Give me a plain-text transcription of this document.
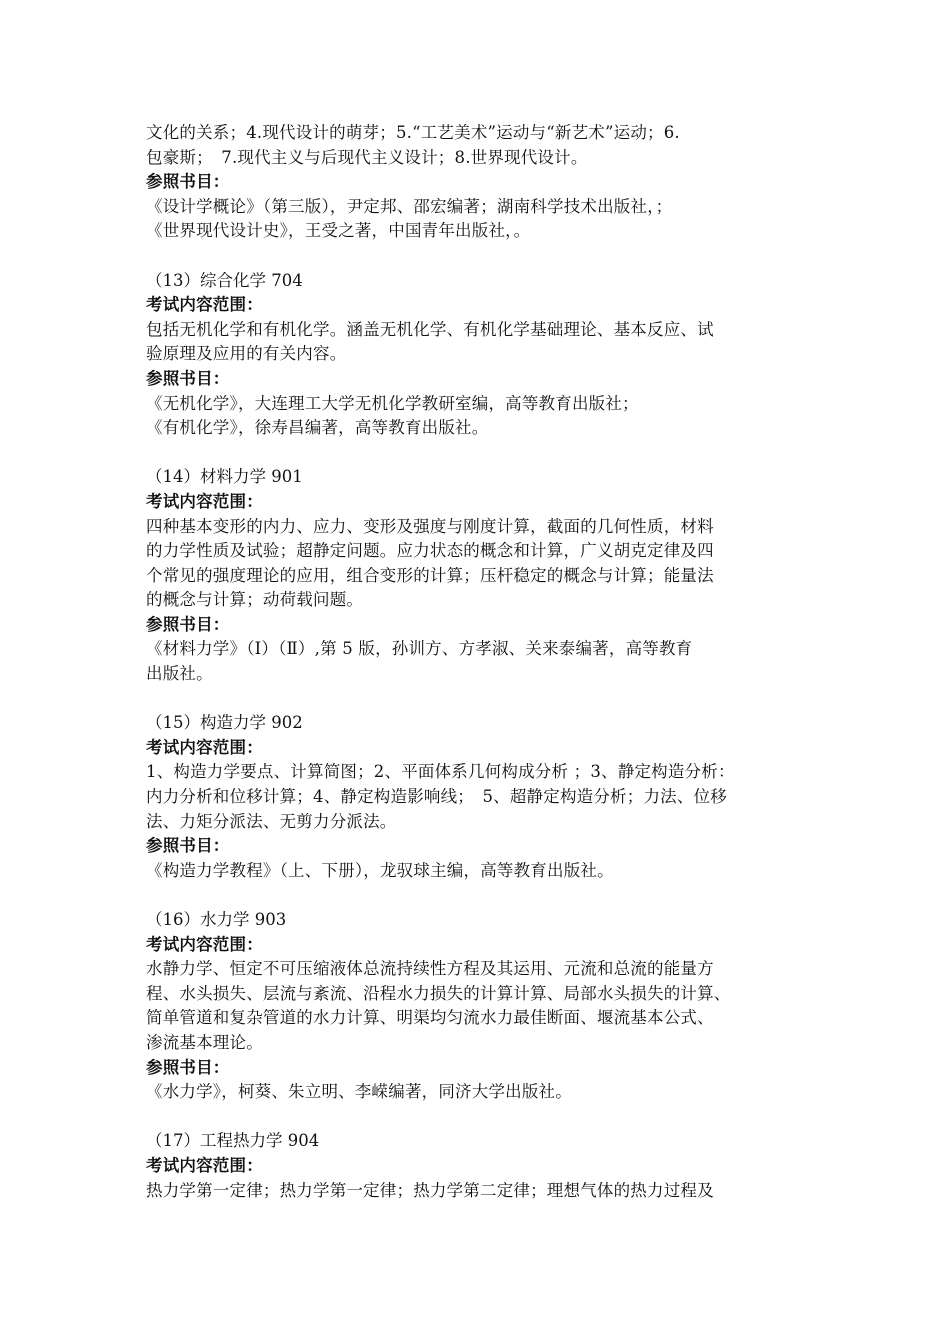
文化的关系；4.现代设计的萌芽；5.“工艺美术”运动与“新艺术”运动；6.
包豪斯；　7.现代主义与后现代主义设计；8.世界现代设计。
参照书目：
《设计学概论》（第三版），尹定邦、邵宏编著；湖南科学技术出版社，；
《世界现代设计史》，王受之著，中国青年出版社，。
（13）综合化学 704
考试内容范围：
包括无机化学和有机化学。涵盖无机化学、有机化学基础理论、基本反应、试
验原理及应用的有关内容。
参照书目：
《无机化学》，大连理工大学无机化学教研室编，高等教育出版社；
《有机化学》，徐寿昌编著，高等教育出版社。
（14）材料力学 901
考试内容范围：
四种基本变形的内力、应力、变形及强度与刚度计算，截面的几何性质，材料
的力学性质及试验；超静定问题。应力状态的概念和计算，广义胡克定律及四
个常见的强度理论的应用，组合变形的计算；压杆稳定的概念与计算；能量法
的概念与计算；动荷载问题。
参照书目：
《材料力学》（Ⅰ）（Ⅱ）,第 5 版，孙训方、方孝淑、关来泰编著，高等教育
出版社。
（15）构造力学 902
考试内容范围：
1、构造力学要点、计算简图；2、平面体系几何构成分析 ；3、静定构造分析：
内力分析和位移计算；4、静定构造影响线；　5、超静定构造分析；力法、位移
法、力矩分派法、无剪力分派法。
参照书目：
《构造力学教程》（上、下册），龙驭球主编，高等教育出版社。
（16）水力学 903
考试内容范围：
水静力学、恒定不可压缩液体总流持续性方程及其运用、元流和总流的能量方
程、水头损失、层流与紊流、沿程水力损失的计算计算、局部水头损失的计算、
简单管道和复杂管道的水力计算、明渠均匀流水力最佳断面、堰流基本公式、
渗流基本理论。
参照书目：
《水力学》，柯葵、朱立明、李嵘编著，同济大学出版社。
（17）工程热力学 904
考试内容范围：
热力学第一定律；热力学第一定律；热力学第二定律；理想气体的热力过程及
